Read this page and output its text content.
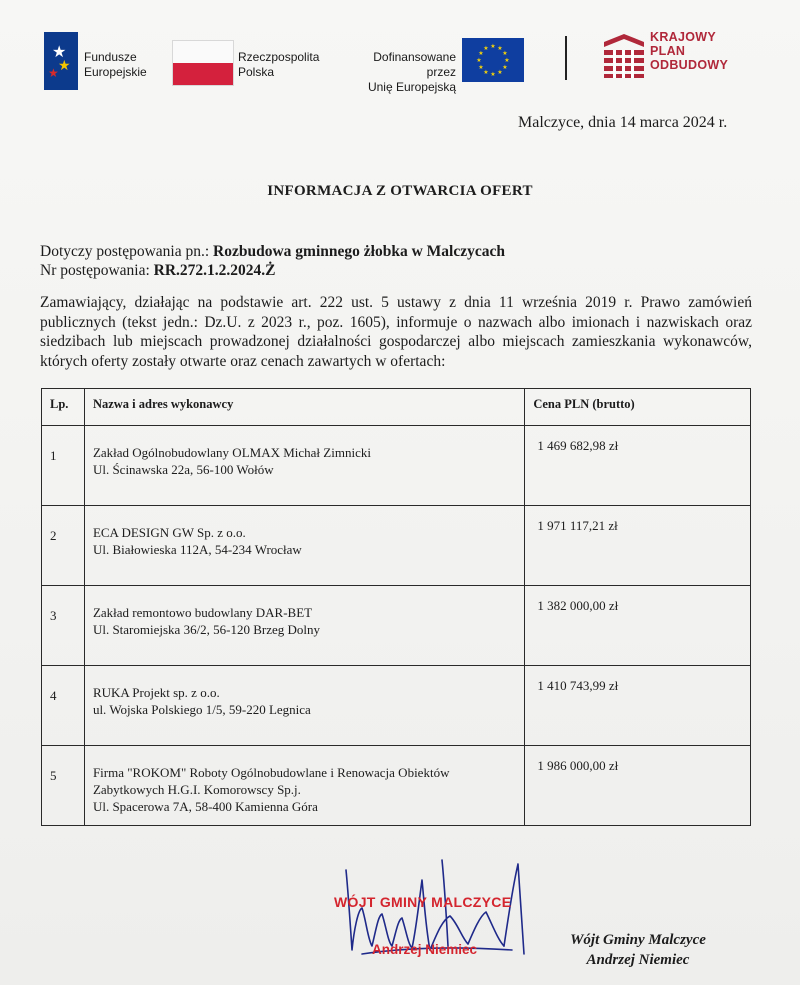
★
★
★
Fundusze
Europejskie
Rzeczpospolita
Polska
Dofinansowane przez
Unię Europejską
★ ★
★
★
★
★
★
★
★
★
★
★
KRAJOWY
PLAN
ODBUDOWY
Malczyce, dnia 14 marca 2024 r.
INFORMACJA Z OTWARCIA OFERT
Dotyczy postępowania pn.: Rozbudowa gminnego żłobka w Malczycach
Nr postępowania: RR.272.1.2.2024.Ż
Zamawiający, działając na podstawie art. 222 ust. 5 ustawy z dnia 11 września 2019 r. Prawo zamówień publicznych (tekst jedn.: Dz.U. z 2023 r., poz. 1605), informuje o nazwach albo imionach i nazwiskach oraz siedzibach lub miejscach prowadzonej działalności gospodarczej albo miejscach zamieszkania wykonawców, których oferty zostały otwarte oraz cenach zawartych w ofertach:
Lp.	Nazwa i adres wykonawcy	Cena PLN (brutto)

1	Zakład Ogólnobudowlany OLMAX Michał Zimnicki
Ul. Ścinawska 22a, 56-100 Wołów	1 469 682,98 zł

2	ECA DESIGN GW Sp. z o.o.
Ul. Białowieska 112A, 54-234 Wrocław	1 971 117,21 zł

3	Zakład remontowo budowlany DAR-BET
Ul. Staromiejska 36/2, 56-120 Brzeg Dolny	1 382 000,00 zł

4	RUKA Projekt sp. z o.o.
ul. Wojska Polskiego 1/5, 59-220 Legnica	1 410 743,99 zł

5	Firma "ROKOM" Roboty Ogólnobudowlane i Renowacja Obiektów
Zabytkowych H.G.I. Komorowscy Sp.j.
Ul. Spacerowa 7A, 58-400 Kamienna Góra	1 986 000,00 zł
WÓJT GMINY MALCZYCE
Andrzej Niemiec
Wójt Gminy Malczyce
Andrzej Niemiec
